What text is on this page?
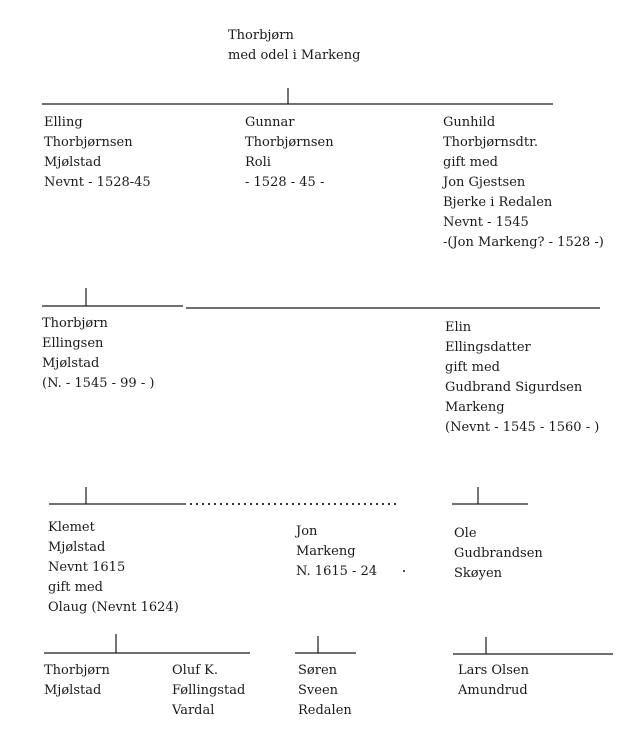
Thorbjørn
med odel i Markeng
Elling
Thorbjørnsen
Mjølstad
Nevnt - 1528-45
Gunnar
Thorbjørnsen
Roli
- 1528 - 45 -
Gunhild
Thorbjørnsdtr.
gift med
Jon Gjestsen
Bjerke i Redalen
Nevnt - 1545
-(Jon Markeng? - 1528 -)
Thorbjørn
Ellingsen
Mjølstad
(N. - 1545 - 99 - )
Elin
Ellingsdatter
gift med
Gudbrand Sigurdsen
Markeng
(Nevnt - 1545 - 1560 - )
Klemet
Mjølstad
Nevnt 1615
gift med
Olaug (Nevnt 1624)
Jon
Markeng
N. 1615 - 24
Ole
Gudbrandsen
Skøyen
Thorbjørn
Mjølstad
Oluf K.
Føllingstad
Vardal
Søren
Sveen
Redalen
Lars Olsen
Amundrud
